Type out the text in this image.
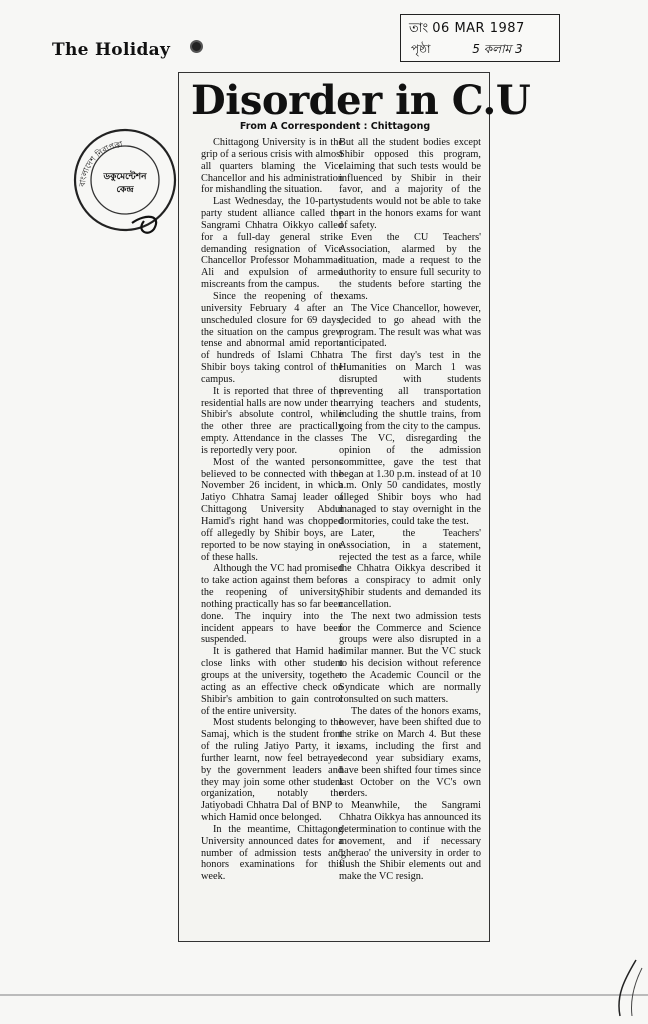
The Holiday
তাং 06 MAR 1987
পৃষ্ঠা	5 কলাম 3
বাংলাদেশ নিরাপত্তা
ডকুমেন্টেশন
কেন্দ্র
Disorder in C.U
From A Correspondent : Chittagong

Chittagong University is in the grip of a serious crisis with almost all quarters blaming the Vice Chancellor and his administration for mishandling the situation.

Last Wednesday, the 10-party-party student alliance called the Sangrami Chhatra Oikkyo called for a full-day general strike demanding resignation of Vice Chancellor Professor Mohammad Ali and expulsion of armed miscreants from the campus.

Since the reopening of the university February 4 after an unscheduled closure for 69 days, the situation on the campus grew tense and abnormal amid reports of hundreds of Islami Chhatra Shibir boys taking control of the campus.

It is reported that three of the residential halls are now under the Shibir's absolute control, while the other three are practically empty. Attendance in the classes is reportedly very poor.

Most of the wanted persons believed to be connected with the November 26 incident, in which Jatiyo Chhatra Samaj leader of Chittagong University Abdul Hamid's right hand was chopped off allegedly by Shibir boys, are reported to be now staying in one of these halls.

Although the VC had promised to take action against them before the reopening of university, nothing practically has so far been done. The inquiry into the incident appears to have been suspended.

It is gathered that Hamid had close links with other student groups at the university, together acting as an effective check on Shibir's ambition to gain control of the entire university.

Most students belonging to the Samaj, which is the student front of the ruling Jatiyo Party, it is further learnt, now feel betrayed by the government leaders and they may join some other student organization, notably the Jatiyobadi Chhatra Dal of BNP to which Hamid once belonged.

In the meantime, Chittagong University announced dates for a number of admission tests and honors examinations for this week.

But all the student bodies except Shibir opposed this program, claiming that such tests would be influenced by Shibir in their favor, and a majority of the students would not be able to take part in the honors exams for want of safety.

Even the CU Teachers' Association, alarmed by the situation, made a request to the authority to ensure full security to the students before starting the exams.

The Vice Chancellor, however, decided to go ahead with the program. The result was what was anticipated.

The first day's test in the Humanities on March 1 was disrupted with students preventing all transportation carrying teachers and students, including the shuttle trains, from going from the city to the campus.

The VC, disregarding the opinion of the admission committee, gave the test that began at 1.30 p.m. instead of at 10 a.m. Only 50 candidates, mostly alleged Shibir boys who had managed to stay overnight in the dormitories, could take the test.

Later, the Teachers' Association, in a statement, rejected the test as a farce, while the Chhatra Oikkya described it as a conspiracy to admit only Shibir students and demanded its cancellation.

The next two admission tests for the Commerce and Science groups were also disrupted in a similar manner. But the VC stuck to his decision without reference to the Academic Council or the Syndicate which are normally consulted on such matters.

The dates of the honors exams, however, have been shifted due to the strike on March 4. But these exams, including the first and second year subsidiary exams, have been shifted four times since last October on the VC's own orders.

Meanwhile, the Sangrami Chhatra Oikkya has announced its determination to continue with the movement, and if necessary 'gherao' the university in order to flush the Shibir elements out and make the VC resign.
